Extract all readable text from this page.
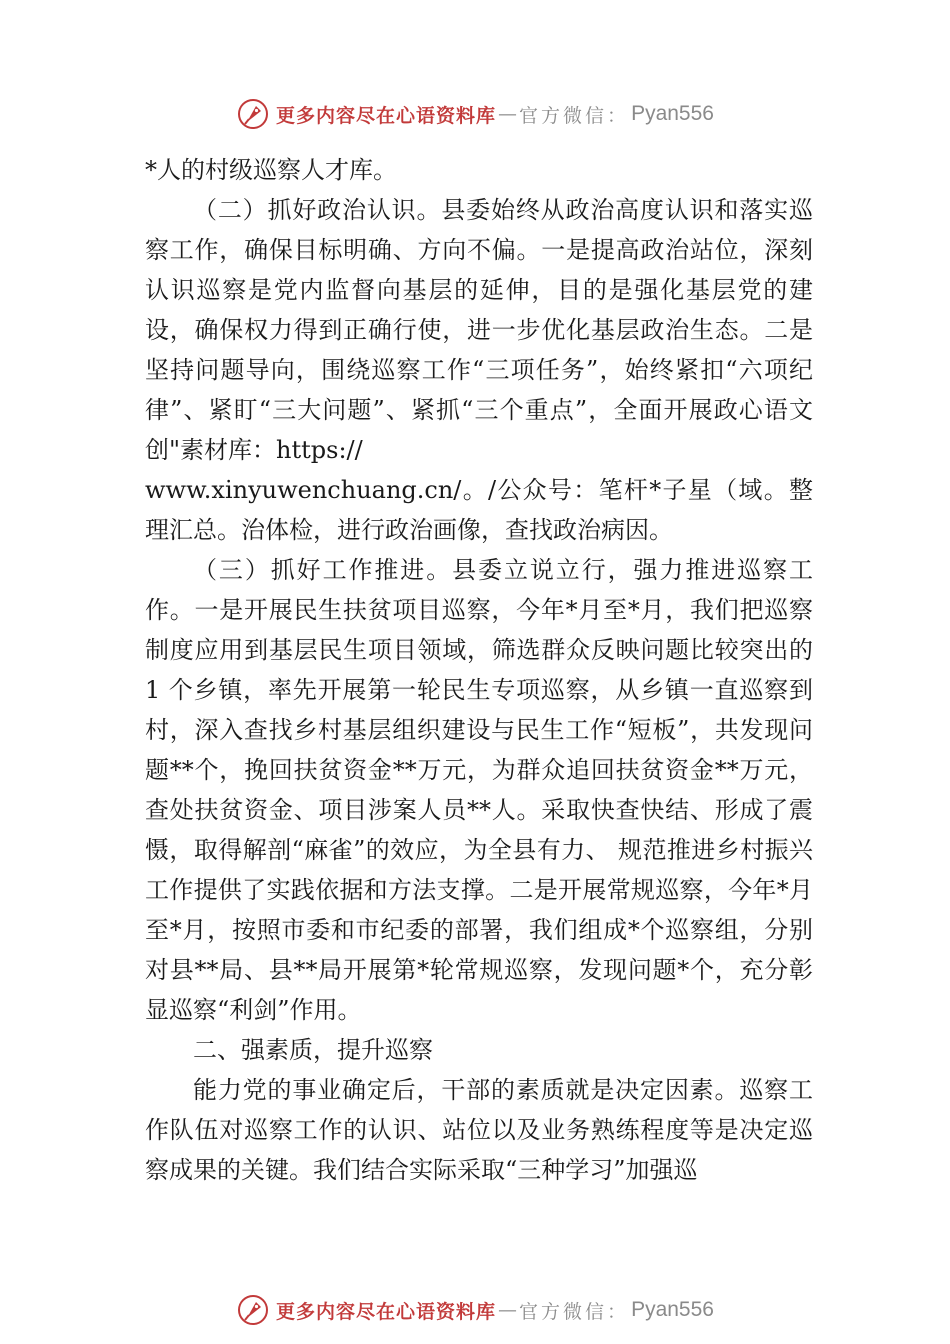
更多内容尽在心语资料库 — 官方微信： Pyan556

*人的村级巡察人才库。

（二）抓好政治认识。县委始终从政治高度认识和落实巡察工作，确保目标明确、方向不偏。一是提高政治站位，深刻认识巡察是党内监督向基层的延伸，目的是强化基层党的建设，确保权力得到正确行使，进一步优化基层政治生态。二是坚持问题导向，围绕巡察工作“三项任务”，始终紧扣“六项纪律”、紧盯“三大问题”、紧抓“三个重点”，全面开展政心语文创"素材库：https://

www.xinyuwenchuang.cn/。/公众号：笔杆*子星（域。整理汇总。治体检，进行政治画像，查找政治病因。

（三）抓好工作推进。县委立说立行，强力推进巡察工作。一是开展民生扶贫项目巡察，今年*月至*月，我们把巡察制度应用到基层民生项目领域，筛选群众反映问题比较突出的 1 个乡镇，率先开展第一轮民生专项巡察，从乡镇一直巡察到村，深入查找乡村基层组织建设与民生工作“短板”，共发现问题**个，挽回扶贫资金**万元，为群众追回扶贫资金**万元，查处扶贫资金、项目涉案人员**人。采取快查快结、形成了震慑，取得解剖“麻雀”的效应，为全县有力、 规范推进乡村振兴工作提供了实践依据和方法支撑。二是开展常规巡察，今年*月至*月，按照市委和市纪委的部署，我们组成*个巡察组，分别对县**局、县**局开展第*轮常规巡察，发现问题*个，充分彰显巡察“利剑”作用。

二、强素质，提升巡察

能力党的事业确定后，干部的素质就是决定因素。巡察工作队伍对巡察工作的认识、站位以及业务熟练程度等是决定巡察成果的关键。我们结合实际采取“三种学习”加强巡

更多内容尽在心语资料库 — 官方微信： Pyan556
